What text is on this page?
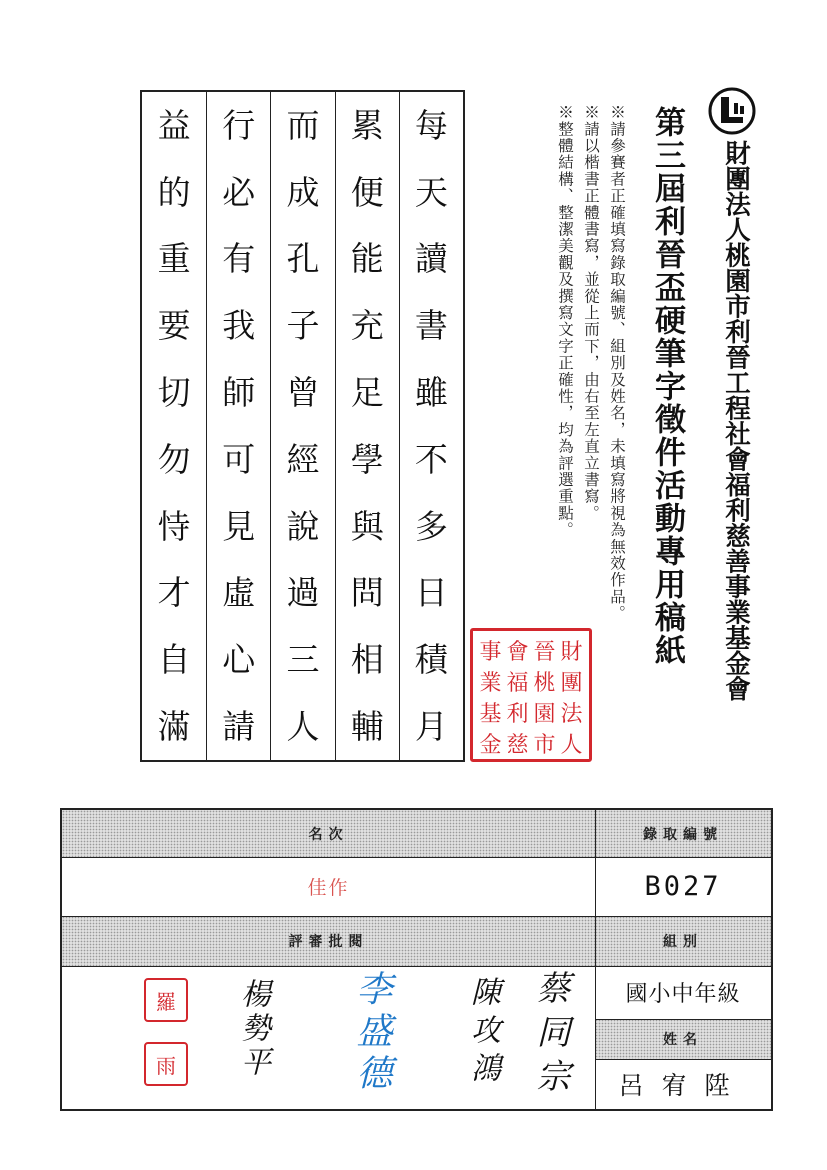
財團法人桃園市利晉工程社會福利慈善事業基金會
第三屆利晉盃硬筆字徵件活動專用稿紙
※請參賽者正確填寫錄取編號、組別及姓名，未填寫將視為無效作品。
※請以楷書正體書寫，並從上而下，由右至左直立書寫。
※整體結構、整潔美觀及撰寫文字正確性，均為評選重點。
財
晉
會
事
團
桃
福
業
法
園
利
基
人
市
慈
金
每
天
讀
書
雖
不
多
日
積
月
累
便
能
充
足
學
與
問
相
輔
而
成
孔
子
曾
經
說
過
三
人
行
必
有
我
師
可
見
虛
心
請
益
的
重
要
切
勿
恃
才
自
滿
名次	錄取編號
佳作	B027
評審批閱	組別
國小中年級
姓名
呂宥陞
羅
雨 楊勢平 李盛德 陳攻鴻 蔡同宗
